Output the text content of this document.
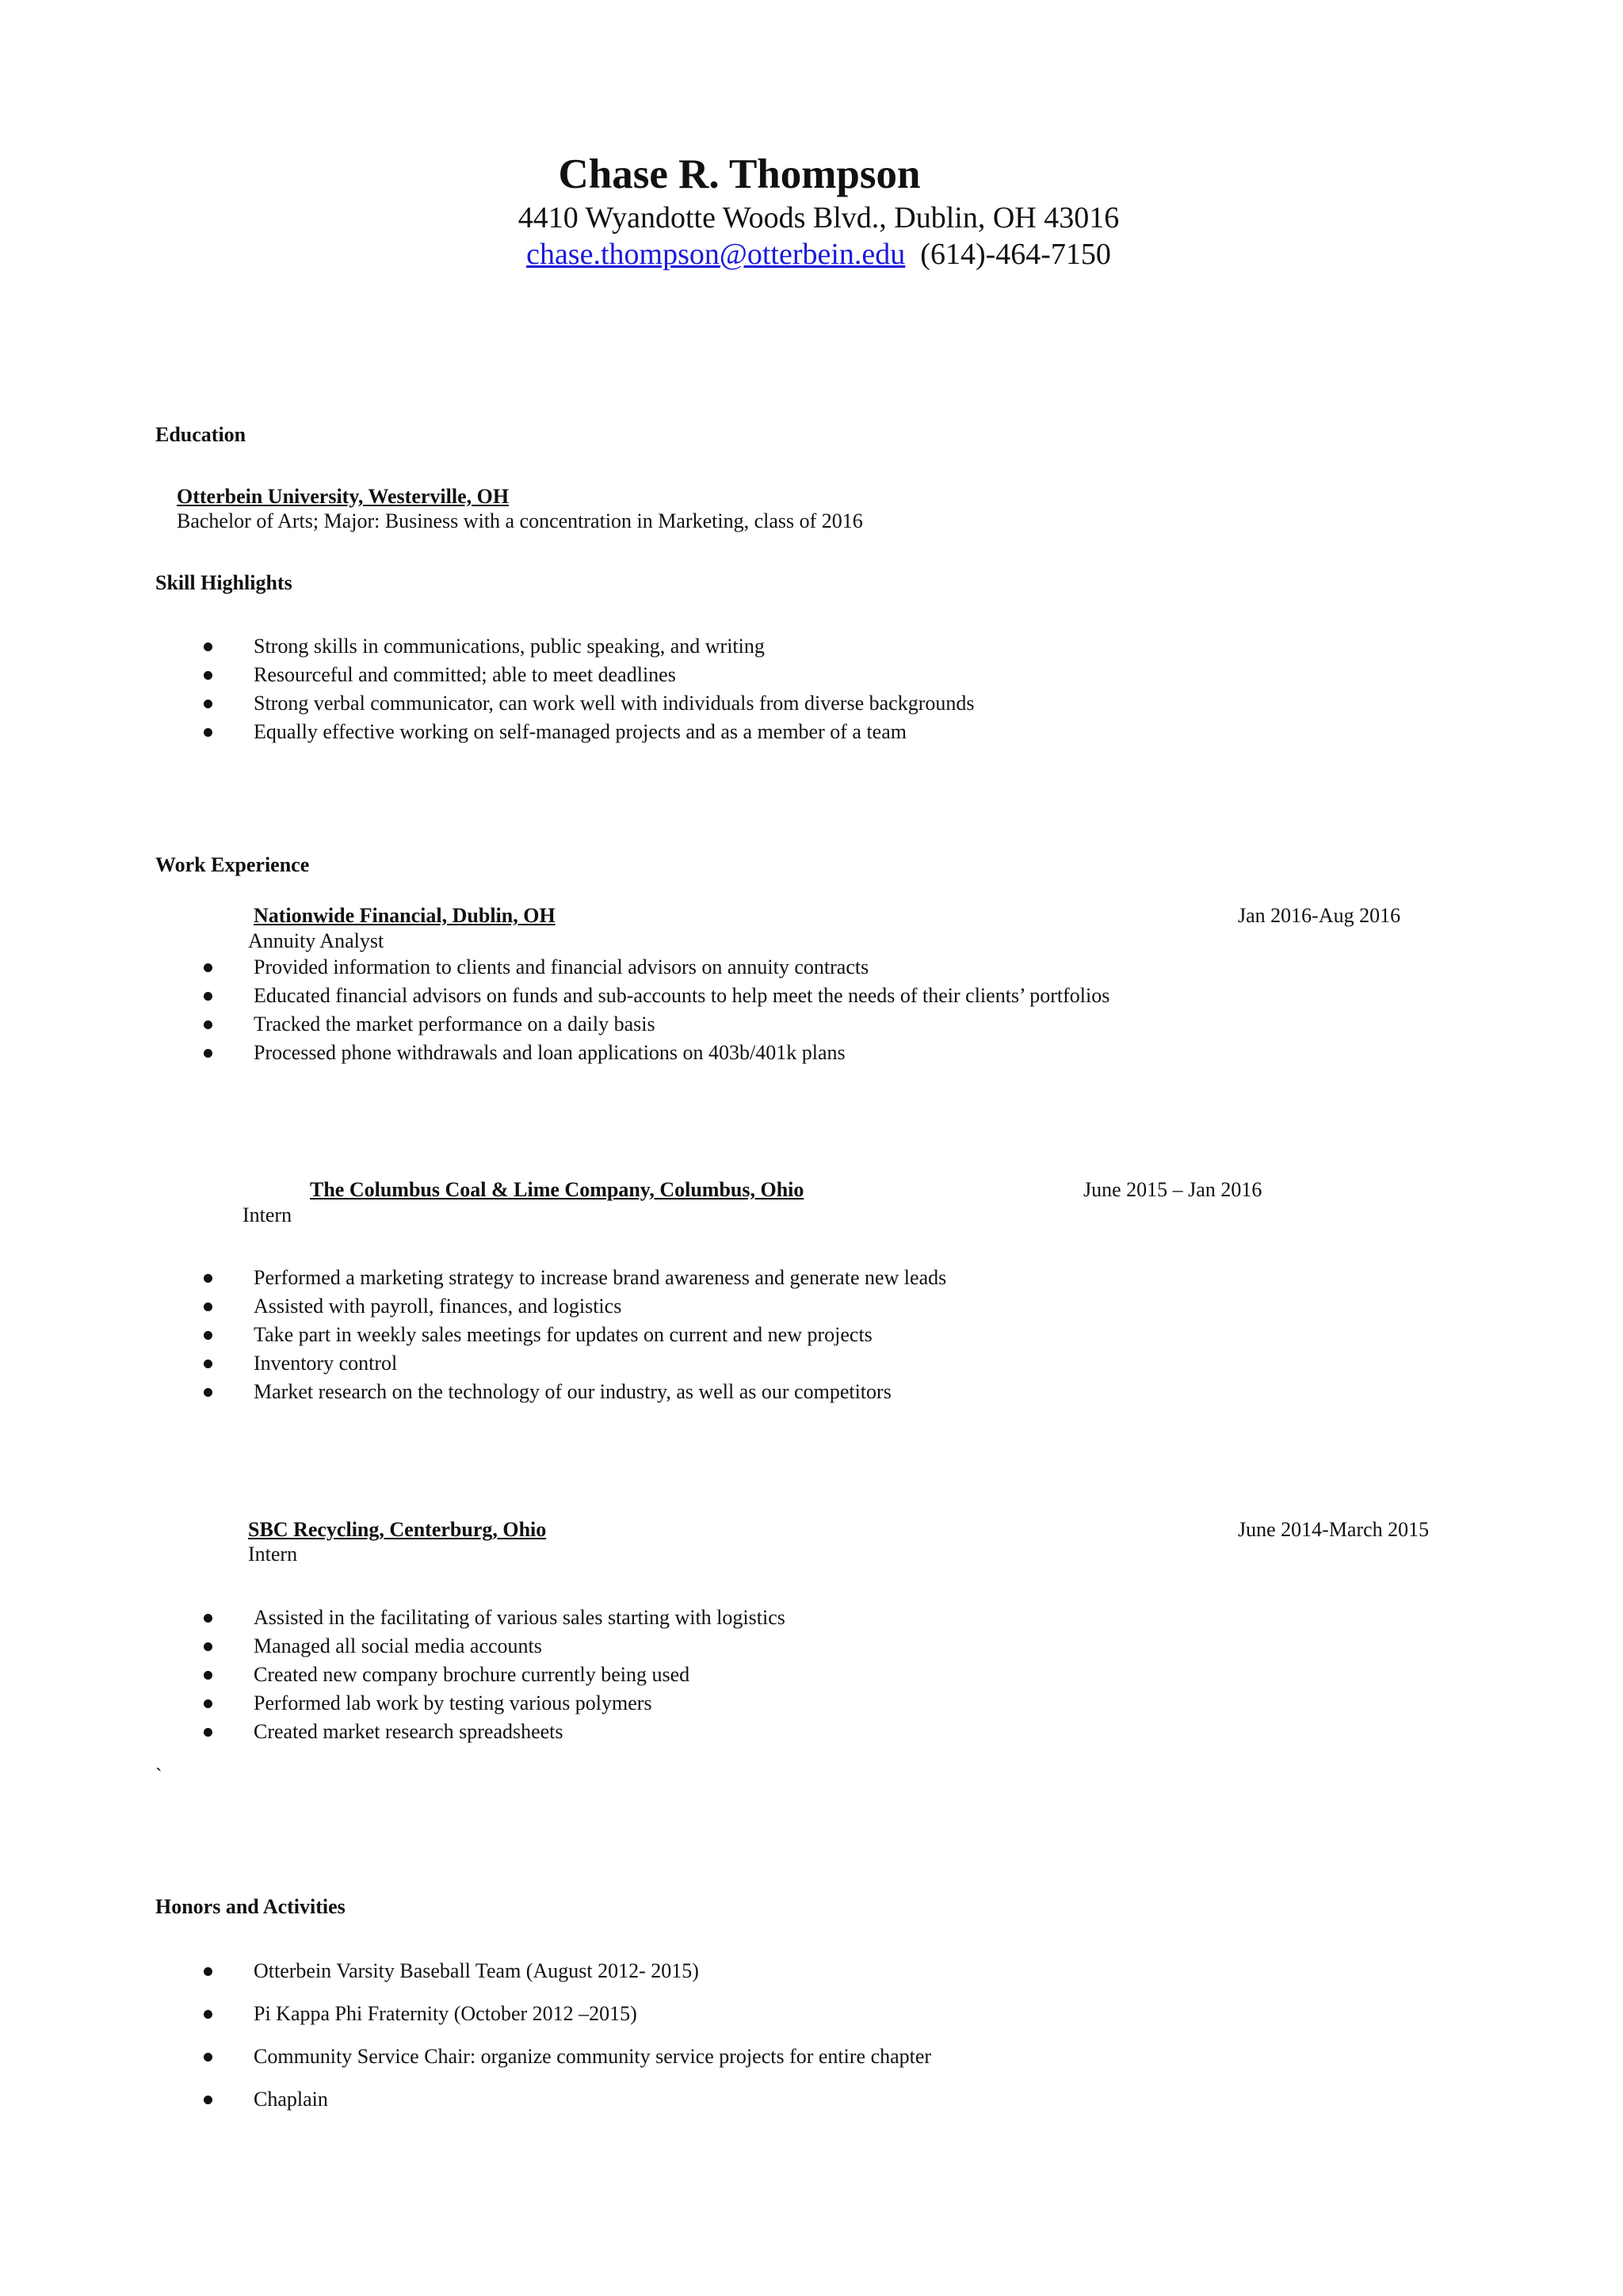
Chase R. Thompson
4410 Wyandotte Woods Blvd., Dublin, OH 43016
chase.thompson@otterbein.edu (614)-464-7150
Education
Otterbein University, Westerville, OH
Bachelor of Arts; Major: Business with a concentration in Marketing, class of 2016
Skill Highlights
Strong skills in communications, public speaking, and writing
Resourceful and committed; able to meet deadlines
Strong verbal communicator, can work well with individuals from diverse backgrounds
Equally effective working on self-managed projects and as a member of a team
Work Experience
Nationwide Financial, Dublin, OH	Jan 2016-Aug 2016
Annuity Analyst
Provided information to clients and financial advisors on annuity contracts
Educated financial advisors on funds and sub-accounts to help meet the needs of their clients’ portfolios
Tracked the market performance on a daily basis
Processed phone withdrawals and loan applications on 403b/401k plans
The Columbus Coal & Lime Company, Columbus, Ohio	June 2015 – Jan 2016
Intern
Performed a marketing strategy to increase brand awareness and generate new leads
Assisted with payroll, finances, and logistics
Take part in weekly sales meetings for updates on current and new projects
Inventory control
Market research on the technology of our industry, as well as our competitors
SBC Recycling, Centerburg, Ohio	June 2014-March 2015
Intern
Assisted in the facilitating of various sales starting with logistics
Managed all social media accounts
Created new company brochure currently being used
Performed lab work by testing various polymers
Created market research spreadsheets
`
Honors and Activities
Otterbein Varsity Baseball Team (August 2012- 2015)
Pi Kappa Phi Fraternity (October 2012 –2015)
Community Service Chair: organize community service projects for entire chapter
Chaplain
